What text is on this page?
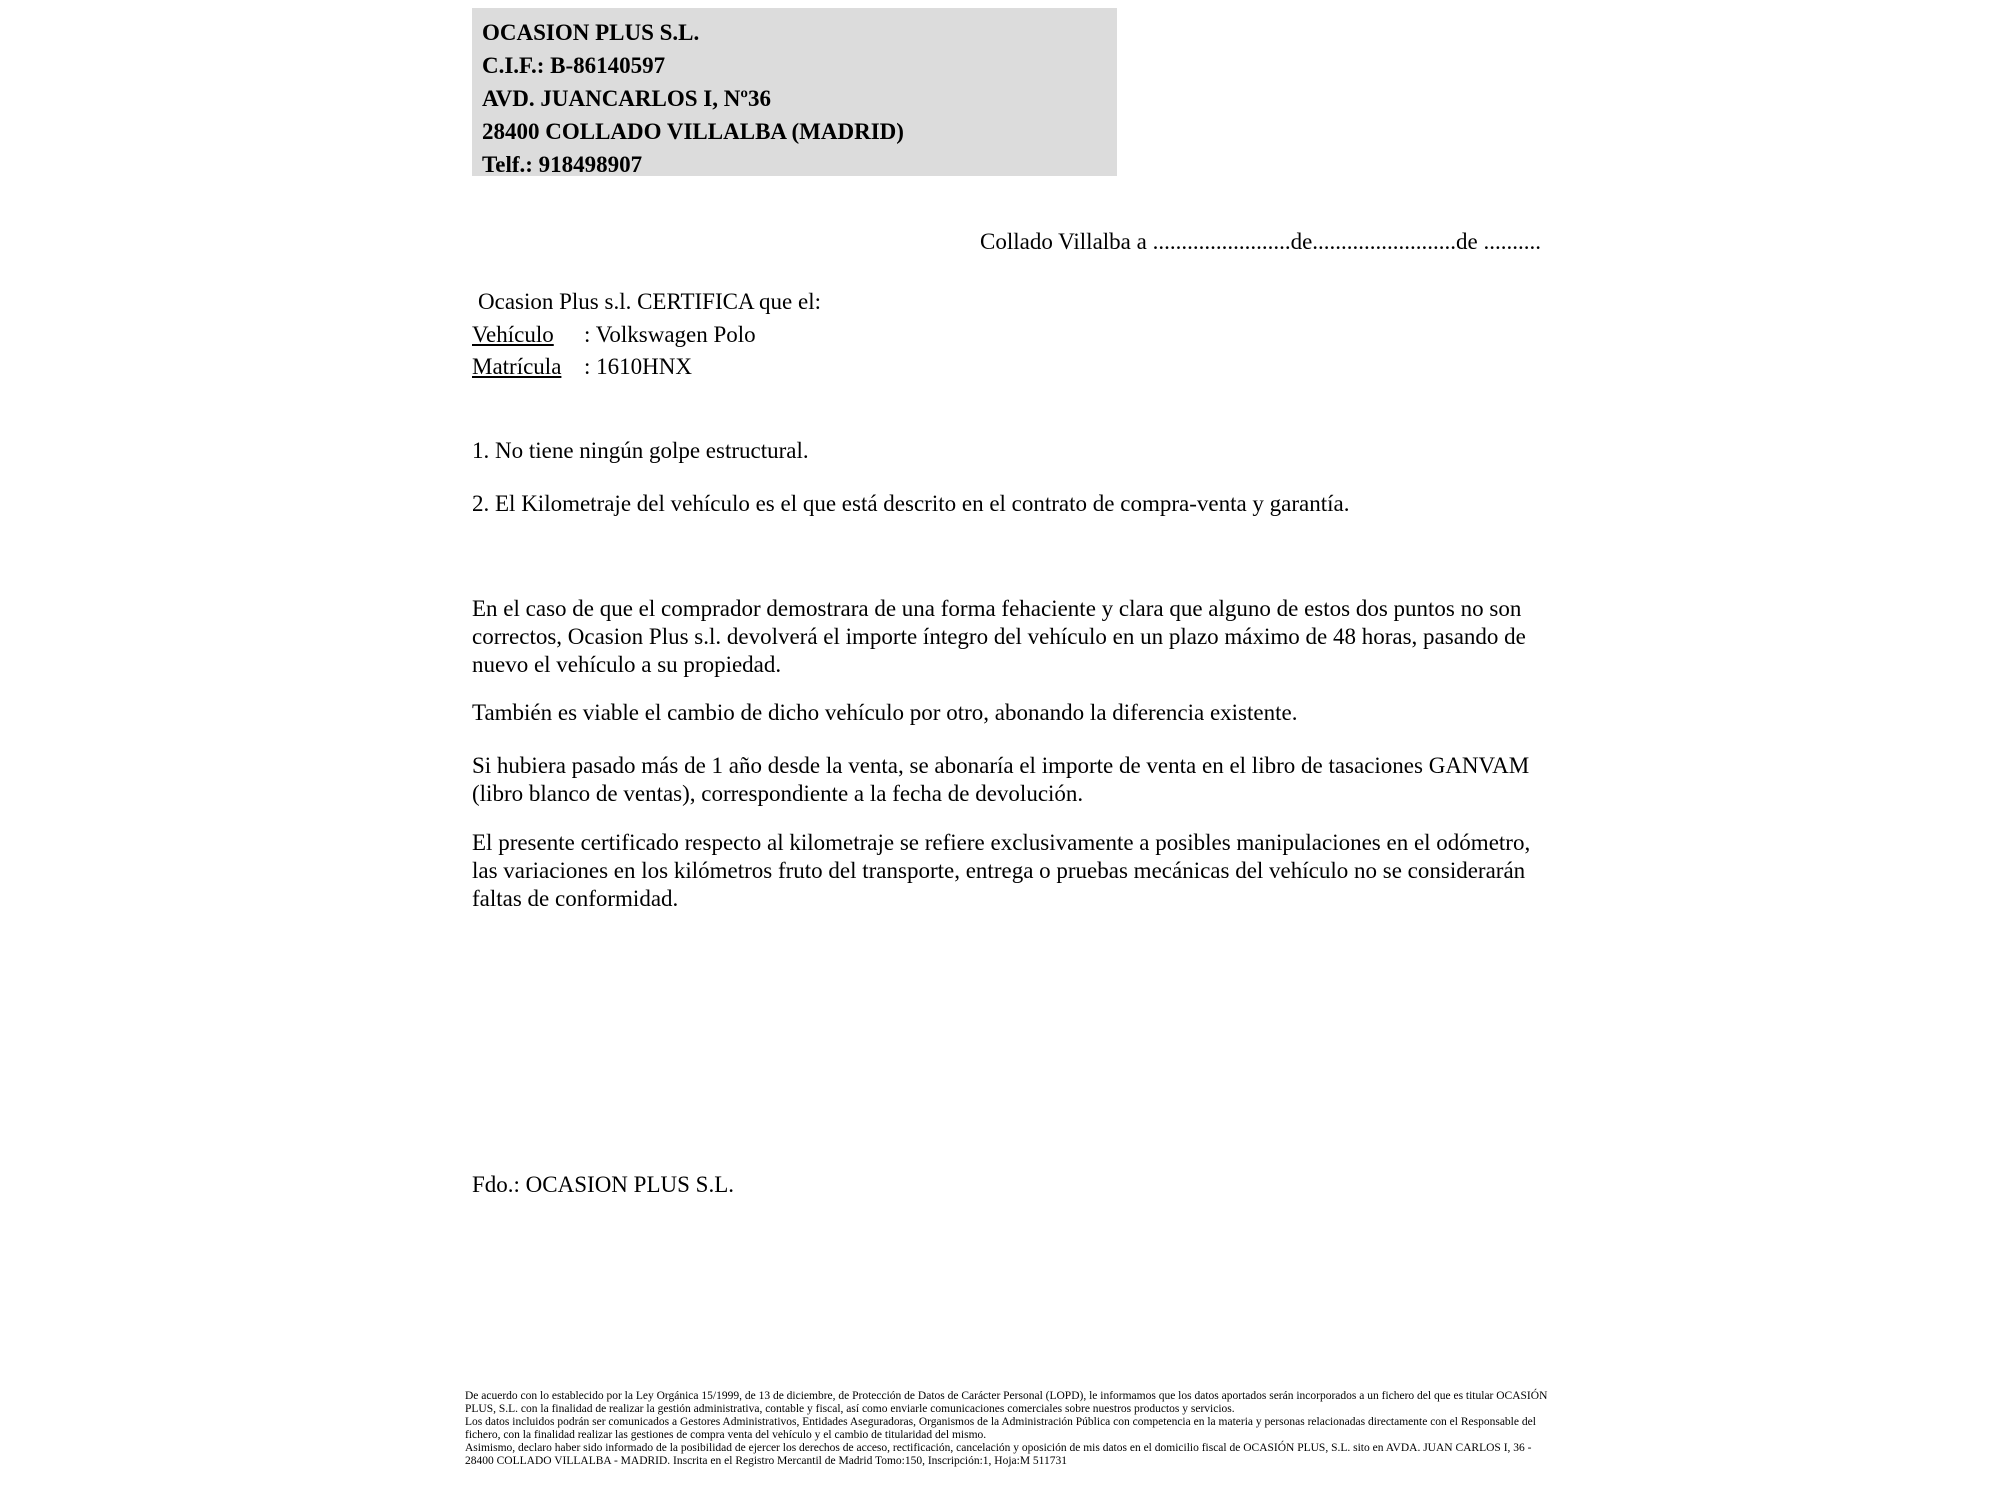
OCASION PLUS S.L.
C.I.F.: B-86140597
AVD. JUANCARLOS I, Nº36
28400 COLLADO VILLALBA (MADRID)
Telf.: 918498907
Collado Villalba a ........................de.........................de ..........
Ocasion Plus s.l. CERTIFICA que el:
Vehículo : Volkswagen Polo
Matrícula : 1610HNX
1. No tiene ningún golpe estructural.
2. El Kilometraje del vehículo es el que está descrito en el contrato de compra-venta y garantía.
En el caso de que el comprador demostrara de una forma fehaciente y clara que alguno de estos dos puntos no son correctos, Ocasion Plus s.l. devolverá el importe íntegro del vehículo en un plazo máximo de 48 horas, pasando de nuevo el vehículo a su propiedad.
También es viable el cambio de dicho vehículo por otro, abonando la diferencia existente.
Si hubiera pasado más de 1 año desde la venta, se abonaría el importe de venta en el libro de tasaciones GANVAM (libro blanco de ventas), correspondiente a la fecha de devolución.
El presente certificado respecto al kilometraje se refiere exclusivamente a posibles manipulaciones en el odómetro, las variaciones en los kilómetros fruto del transporte, entrega o pruebas mecánicas del vehículo no se considerarán faltas de conformidad.
Fdo.: OCASION PLUS S.L.

De acuerdo con lo establecido por la Ley Orgánica 15/1999, de 13 de diciembre, de Protección de Datos de Carácter Personal (LOPD), le informamos que los datos aportados serán incorporados a un fichero del que es titular OCASIÓN PLUS, S.L. con la finalidad de realizar la gestión administrativa, contable y fiscal, así como enviarle comunicaciones comerciales sobre nuestros productos y servicios.

Los datos incluidos podrán ser comunicados a Gestores Administrativos, Entidades Aseguradoras, Organismos de la Administración Pública con competencia en la materia y personas relacionadas directamente con el Responsable del fichero, con la finalidad realizar las gestiones de compra venta del vehículo y el cambio de titularidad del mismo.

Asimismo, declaro haber sido informado de la posibilidad de ejercer los derechos de acceso, rectificación, cancelación y oposición de mis datos en el domicilio fiscal de OCASIÓN PLUS, S.L. sito en AVDA. JUAN CARLOS I, 36 - 28400 COLLADO VILLALBA - MADRID. Inscrita en el Registro Mercantil de Madrid Tomo:150, Inscripción:1, Hoja:M 511731
